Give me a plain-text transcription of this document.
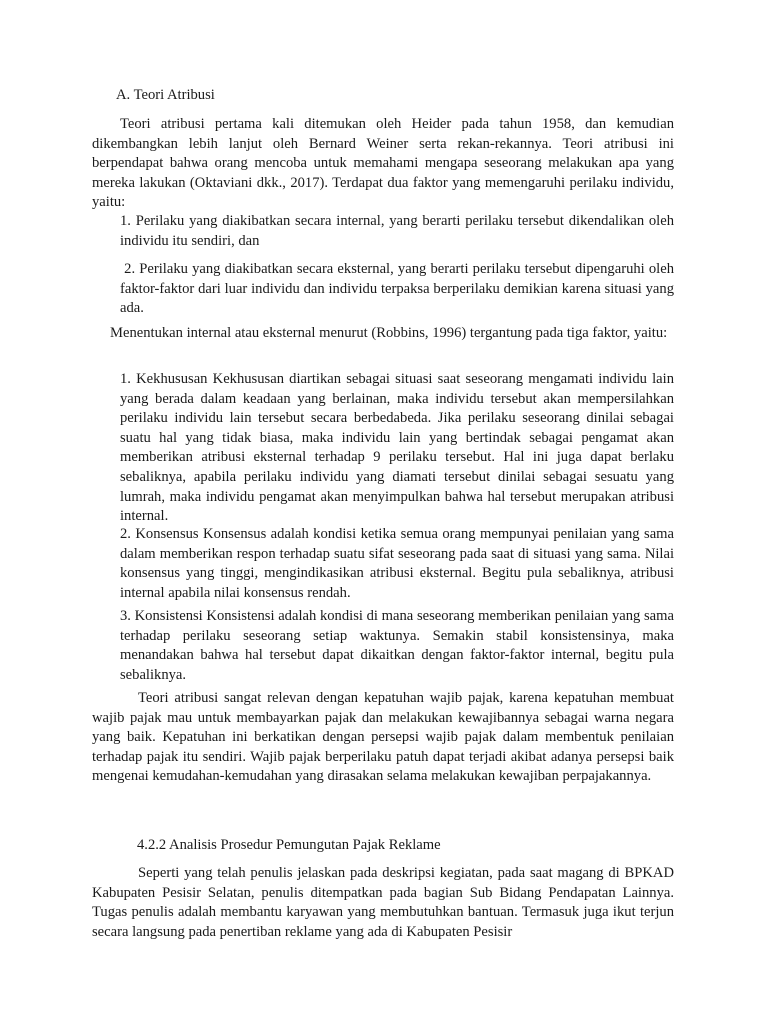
A. Teori Atribusi

Teori atribusi pertama kali ditemukan oleh Heider pada tahun 1958, dan kemudian dikembangkan lebih lanjut oleh Bernard Weiner serta rekan-rekannya. Teori atribusi ini berpendapat bahwa orang mencoba untuk memahami mengapa seseorang melakukan apa yang mereka lakukan (Oktaviani dkk., 2017). Terdapat dua faktor yang memengaruhi perilaku individu, yaitu:

1. Perilaku yang diakibatkan secara internal, yang berarti perilaku tersebut dikendalikan oleh individu itu sendiri, dan

2. Perilaku yang diakibatkan secara eksternal, yang berarti perilaku tersebut dipengaruhi oleh faktor-faktor dari luar individu dan individu terpaksa berperilaku demikian karena situasi yang ada.

Menentukan internal atau eksternal menurut (Robbins, 1996) tergantung pada tiga faktor, yaitu:

1. Kekhususan Kekhususan diartikan sebagai situasi saat seseorang mengamati individu lain yang berada dalam keadaan yang berlainan, maka individu tersebut akan mempersilahkan perilaku individu lain tersebut secara berbedabeda. Jika perilaku seseorang dinilai sebagai suatu hal yang tidak biasa, maka individu lain yang bertindak sebagai pengamat akan memberikan atribusi eksternal terhadap 9 perilaku tersebut. Hal ini juga dapat berlaku sebaliknya, apabila perilaku individu yang diamati tersebut dinilai sebagai sesuatu yang lumrah, maka individu pengamat akan menyimpulkan bahwa hal tersebut merupakan atribusi internal.

2. Konsensus Konsensus adalah kondisi ketika semua orang mempunyai penilaian yang sama dalam memberikan respon terhadap suatu sifat seseorang pada saat di situasi yang sama. Nilai konsensus yang tinggi, mengindikasikan atribusi eksternal. Begitu pula sebaliknya, atribusi internal apabila nilai konsensus rendah.

3. Konsistensi Konsistensi adalah kondisi di mana seseorang memberikan penilaian yang sama terhadap perilaku seseorang setiap waktunya. Semakin stabil konsistensinya, maka menandakan bahwa hal tersebut dapat dikaitkan dengan faktor-faktor internal, begitu pula sebaliknya.

Teori atribusi sangat relevan dengan kepatuhan wajib pajak, karena kepatuhan membuat wajib pajak mau untuk membayarkan pajak dan melakukan kewajibannya sebagai warna negara yang baik. Kepatuhan ini berkatikan dengan persepsi wajib pajak dalam membentuk penilaian terhadap pajak itu sendiri. Wajib pajak berperilaku patuh dapat terjadi akibat adanya persepsi baik mengenai kemudahan-kemudahan yang dirasakan selama melakukan kewajiban perpajakannya.

4.2.2 Analisis Prosedur Pemungutan Pajak Reklame

Seperti yang telah penulis jelaskan pada deskripsi kegiatan, pada saat magang di BPKAD Kabupaten Pesisir Selatan, penulis ditempatkan pada bagian Sub Bidang Pendapatan Lainnya. Tugas penulis adalah membantu karyawan yang membutuhkan bantuan. Termasuk juga ikut terjun secara langsung pada penertiban reklame yang ada di Kabupaten Pesisir
